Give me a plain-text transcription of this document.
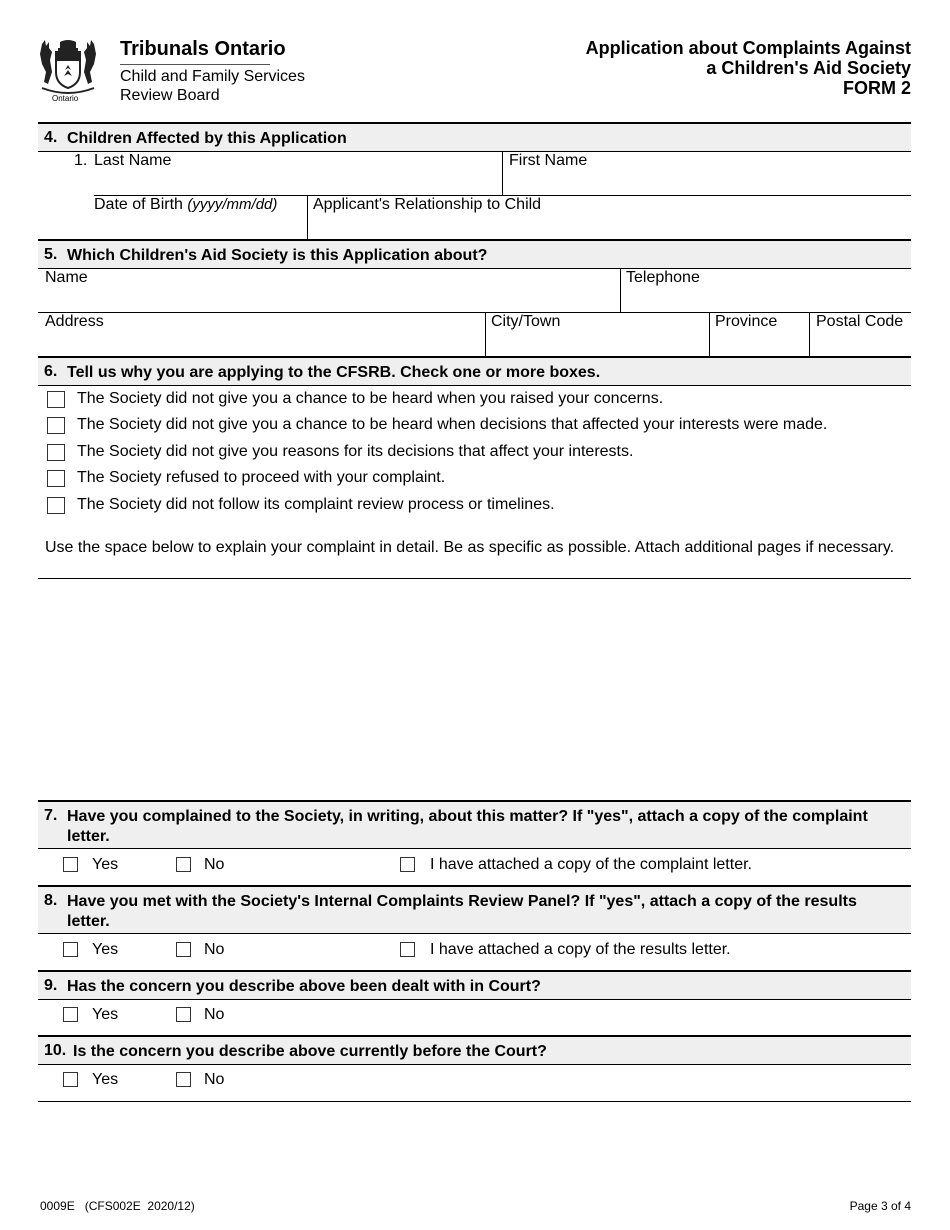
Ontario
Tribunals Ontario
Child and Family Services
Review Board
Application about Complaints Against
a Children's Aid Society
FORM 2
4. Children Affected by this Application
1. Last Name	First Name
Date of Birth (yyyy/mm/dd) Applicant's Relationship to Child
5. Which Children's Aid Society is this Application about?
Name	Telephone
Address	City/Town	Province Postal Code
6. Tell us why you are applying to the CFSRB. Check one or more boxes.
The Society did not give you a chance to be heard when you raised your concerns.
The Society did not give you a chance to be heard when decisions that affected your interests were made.
The Society did not give you reasons for its decisions that affect your interests.
The Society refused to proceed with your complaint.
The Society did not follow its complaint review process or timelines.
Use the space below to explain your complaint in detail. Be as specific as possible. Attach additional pages if necessary.
7. Have you complained to the Society, in writing, about this matter? If "yes", attach a copy of the complaint letter.
Yes	No	I have attached a copy of the complaint letter.
8. Have you met with the Society's Internal Complaints Review Panel? If "yes", attach a copy of the results letter.
Yes	No	I have attached a copy of the results letter.
9. Has the concern you describe above been dealt with in Court?
Yes	No
10. Is the concern you describe above currently before the Court?
Yes	No
0009E   (CFS002E  2020/12)	Page 3 of 4
